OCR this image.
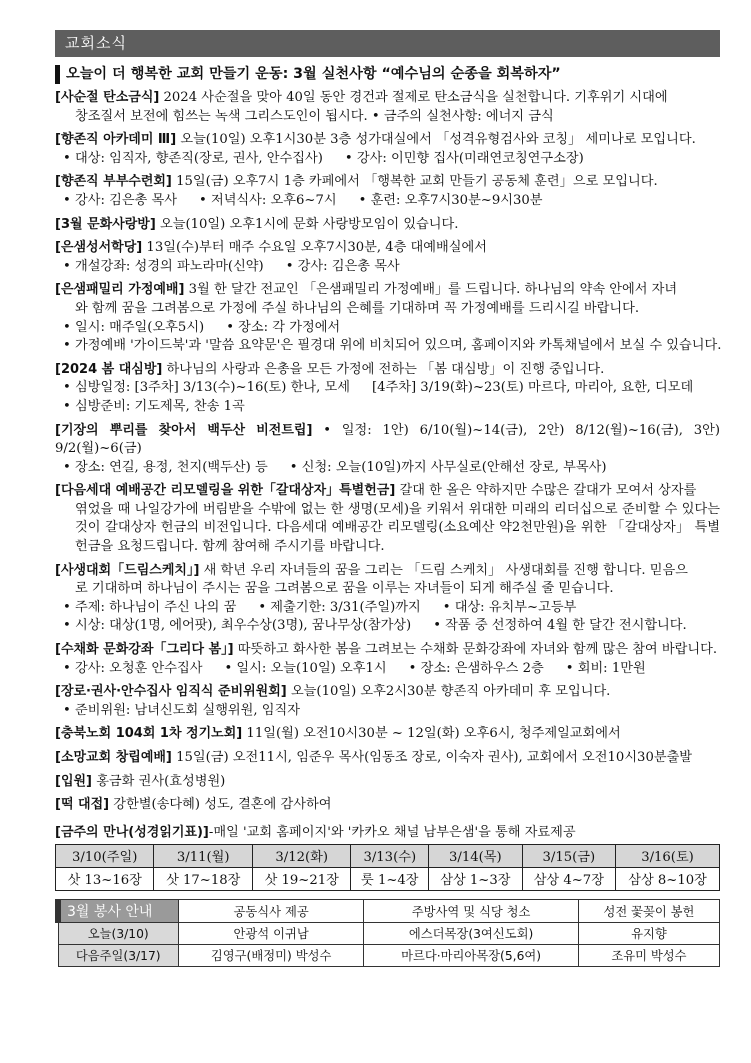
교회소식
오늘이 더 행복한 교회 만들기 운동: 3월 실천사항 “예수님의 순종을 회복하자”
[사순절 탄소금식] 2024 사순절을 맞아 40일 동안 경건과 절제로 탄소금식을 실천합니다. 기후위기 시대에
창조질서 보전에 힘쓰는 녹색 그리스도인이 됩시다. • 금주의 실천사항: 에너지 금식
[향존직 아카데미 Ⅲ] 오늘(10일) 오후1시30분 3층 성가대실에서 「성격유형검사와 코칭」 세미나로 모입니다.
• 대상: 임직자, 향존직(장로, 권사, 안수집사) • 강사: 이민향 집사(미래연코칭연구소장)
[향존직 부부수련회] 15일(금) 오후7시 1층 카페에서 「행복한 교회 만들기 공동체 훈련」으로 모입니다.
• 강사: 김은총 목사 • 저녁식사: 오후6~7시 • 훈련: 오후7시30분~9시30분
[3월 문화사랑방] 오늘(10일) 오후1시에 문화 사랑방모임이 있습니다.
[은샘성서학당] 13일(수)부터 매주 수요일 오후7시30분, 4층 대예배실에서
• 개설강좌: 성경의 파노라마(신약) • 강사: 김은총 목사
[은샘패밀리 가정예배] 3월 한 달간 전교인 「은샘패밀리 가정예배」를 드립니다. 하나님의 약속 안에서 자녀
와 함께 꿈을 그려봄으로 가정에 주실 하나님의 은혜를 기대하며 꼭 가정예배를 드리시길 바랍니다.
• 일시: 매주일(오후5시) • 장소: 각 가정에서
• 가정예배 '가이드북'과 '말씀 요약문'은 필경대 위에 비치되어 있으며, 홈페이지와 카톡채널에서 보실 수 있습니다.
[2024 봄 대심방] 하나님의 사랑과 은총을 모든 가정에 전하는 「봄 대심방」이 진행 중입니다.
• 심방일정: [3주차] 3/13(수)~16(토) 한나, 모세 [4주차] 3/19(화)~23(토) 마르다, 마리아, 요한, 디모데
• 심방준비: 기도제목, 찬송 1곡
[기장의 뿌리를 찾아서 백두산 비전트립] • 일정: 1안) 6/10(월)~14(금), 2안) 8/12(월)~16(금), 3안) 9/2(월)~6(금)
• 장소: 연길, 용정, 천지(백두산) 등 • 신청: 오늘(10일)까지 사무실로(안해선 장로, 부목사)
[다음세대 예배공간 리모델링을 위한「갈대상자」특별헌금] 갈대 한 올은 약하지만 수많은 갈대가 모여서 상자를
엮었을 때 나일강가에 버림받을 수밖에 없는 한 생명(모세)을 키워서 위대한 미래의 리더십으로 준비할 수 있다는 것이 갈대상자 헌금의 비전입니다. 다음세대 예배공간 리모델링(소요예산 약2천만원)을 위한 「갈대상자」 특별헌금을 요청드립니다. 함께 참여해 주시기를 바랍니다.
[사생대회「드림스케치」] 새 학년 우리 자녀들의 꿈을 그리는 「드림 스케치」 사생대회를 진행 합니다. 믿음으
로 기대하며 하나님이 주시는 꿈을 그려봄으로 꿈을 이루는 자녀들이 되게 해주실 줄 믿습니다.
• 주제: 하나님이 주신 나의 꿈 • 제출기한: 3/31(주일)까지 • 대상: 유치부~고등부
• 시상: 대상(1명, 에어팟), 최우수상(3명), 꿈나무상(참가상) • 작품 중 선정하여 4월 한 달간 전시합니다.
[수채화 문화강좌「그리다 봄」] 따뜻하고 화사한 봄을 그려보는 수채화 문화강좌에 자녀와 함께 많은 참여 바랍니다.
• 강사: 오청훈 안수집사 • 일시: 오늘(10일) 오후1시 • 장소: 은샘하우스 2층 • 회비: 1만원
[장로·권사·안수집사 임직식 준비위원회] 오늘(10일) 오후2시30분 향존직 아카데미 후 모입니다.
• 준비위원: 남녀신도회 실행위원, 임직자
[충북노회 104회 1차 정기노회] 11일(월) 오전10시30분 ~ 12일(화) 오후6시, 청주제일교회에서
[소망교회 창립예배] 15일(금) 오전11시, 임준우 목사(임동조 장로, 이숙자 권사), 교회에서 오전10시30분출발
[입원] 홍금화 권사(효성병원)
[떡 대접] 강한별(송다혜) 성도, 결혼에 감사하여
[금주의 만나(성경읽기표)]-매일 '교회 홈페이지'와 '카카오 채널 남부은샘'을 통해 자료제공
3/10(주일)	3/11(월)	3/12(화)	3/13(수)	3/14(목)	3/15(금)	3/16(토)
삿 13~16장	삿 17~18장	삿 19~21장	룻 1~4장	삼상 1~3장	삼상 4~7장	삼상 8~10장
3월 봉사 안내	공동식사 제공	주방사역 및 식당 청소	성전 꽃꽂이 봉헌
오늘(3/10)	안광석 이귀남	에스더목장(3여신도회)	유지향
다음주일(3/17)	김영구(배정미) 박성수	마르다·마리아목장(5,6여)	조유미 박성수
